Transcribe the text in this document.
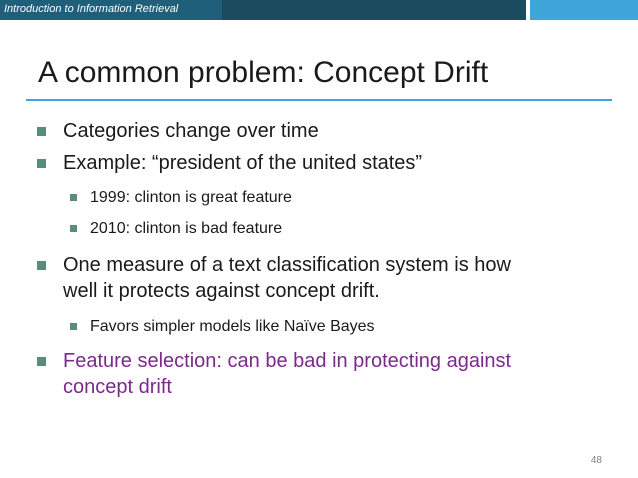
Introduction to Information Retrieval
A common problem: Concept Drift
Categories change over time
Example: “president of the united states”
1999: clinton is great feature
2010: clinton is bad feature
One measure of a text classification system is how
well it protects against concept drift.
Favors simpler models like Naïve Bayes
Feature selection: can be bad in protecting against
concept drift
48
